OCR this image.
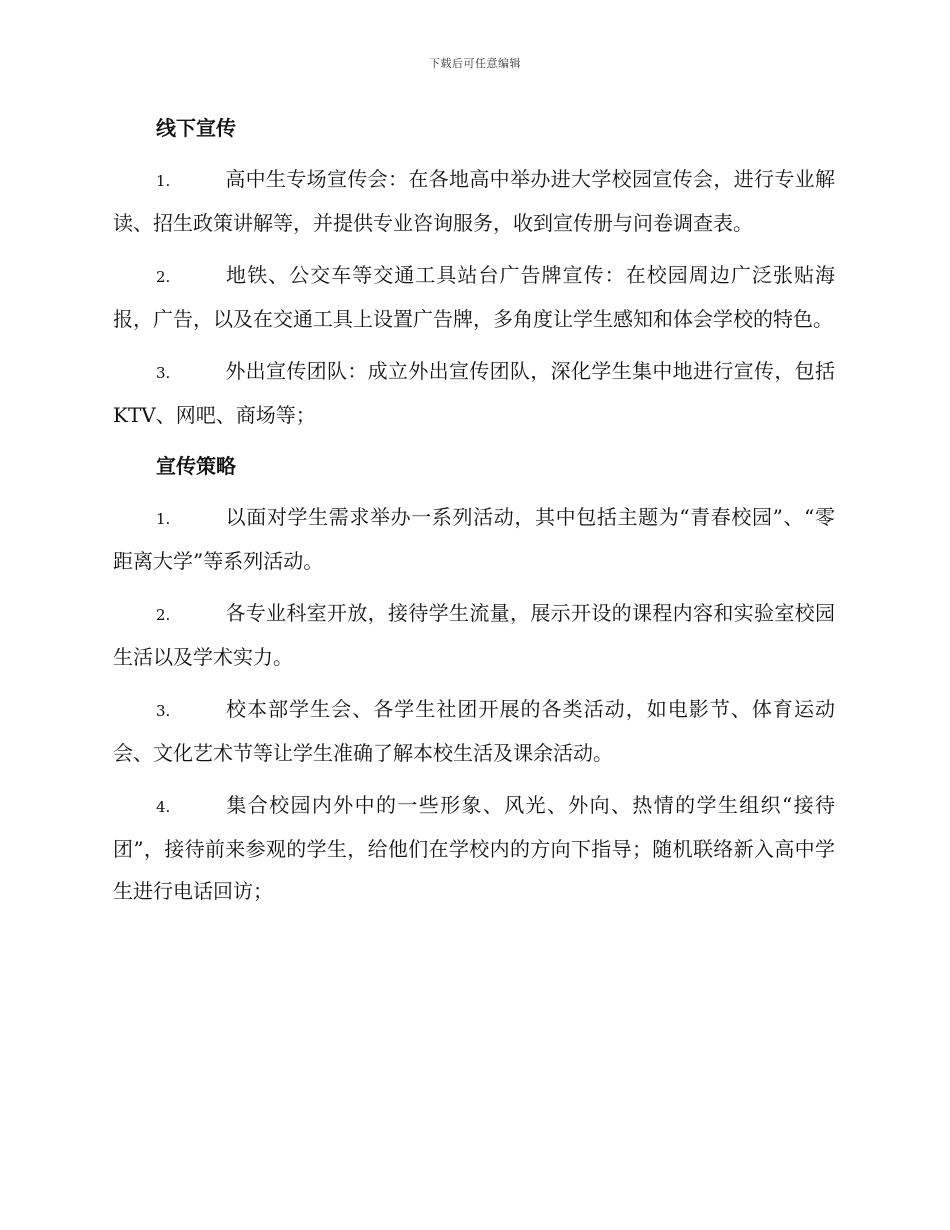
下载后可任意编辑
线下宣传
1.	高中生专场宣传会：在各地高中举办进大学校园宣传会，进行专业解读、招生政策讲解等，并提供专业咨询服务，收到宣传册与问卷调查表。
2.	地铁、公交车等交通工具站台广告牌宣传：在校园周边广泛张贴海报，广告，以及在交通工具上设置广告牌，多角度让学生感知和体会学校的特色。
3.	外出宣传团队：成立外出宣传团队，深化学生集中地进行宣传，包括 KTV、网吧、商场等；
宣传策略
1.	以面对学生需求举办一系列活动，其中包括主题为“青春校园”、“零距离大学”等系列活动。
2.	各专业科室开放，接待学生流量，展示开设的课程内容和实验室校园生活以及学术实力。
3.	校本部学生会、各学生社团开展的各类活动，如电影节、体育运动会、文化艺术节等让学生准确了解本校生活及课余活动。
4.	集合校园内外中的一些形象、风光、外向、热情的学生组织“接待团”，接待前来参观的学生，给他们在学校内的方向下指导；随机联络新入高中学生进行电话回访；
